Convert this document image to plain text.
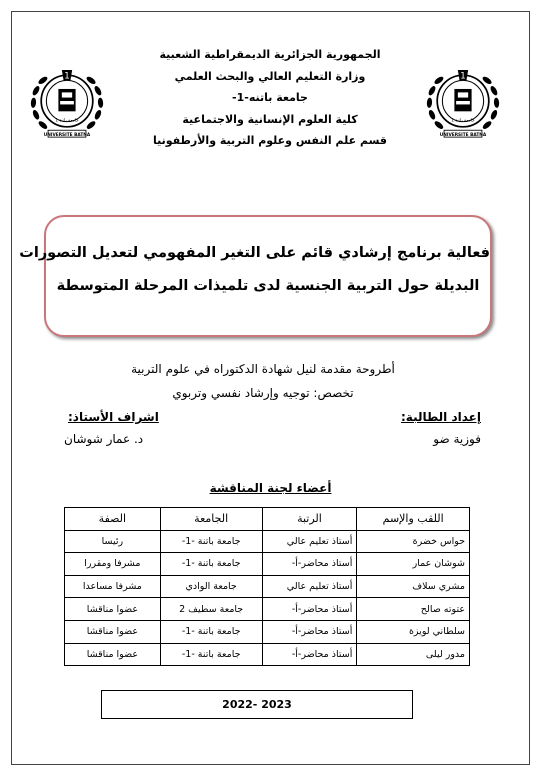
1
UNIVERSITE BATNA
جامعة باتنة 1
1
UNIVERSITE BATNA
جامعة باتنة 1
الجمهورية الجزائرية الديمقراطية الشعبية
وزارة التعليم العالي والبحث العلمي
جامعة باتنه-1-
كلية العلوم الإنسانية والاجتماعية
قسم علم النفس وعلوم التربية والأرطفونيا
فعالية برنامج إرشادي قائم على التغير المفهومي لتعديل التصورات
البديلة حول التربية الجنسية لدى تلميذات المرحلة المتوسطة
أطروحة مقدمة لنيل شهادة الدكتوراه في علوم التربية
تخصص: توجيه وإرشاد نفسي وتربوي
إعداد الطالبة:
فوزية ضو
اشراف الأستاذ:
د. عمار شوشان
أعضاء لجنة المناقشة
اللقب والإسم	الرتبة	الجامعة	الصفة
حواس خضرة	أستاذ تعليم عالي	جامعة باتنة -1-	رئيسا
شوشان عمار	أستاذ محاضر-أ-	جامعة باتنة -1-	مشرفا ومقررا
مشري سلاف	أستاذ تعليم عالي	جامعة الوادي	مشرفا مساعدا
عتوته صالح	أستاذ محاضر-أ-	جامعة سطيف 2	عضوا مناقشا
سلطاني لويزة	أستاذ محاضر-أ-	جامعة باتنة -1-	عضوا مناقشا
مدور ليلى	أستاذ محاضر-أ-	جامعة باتنة -1-	عضوا مناقشا
2023 -2022
